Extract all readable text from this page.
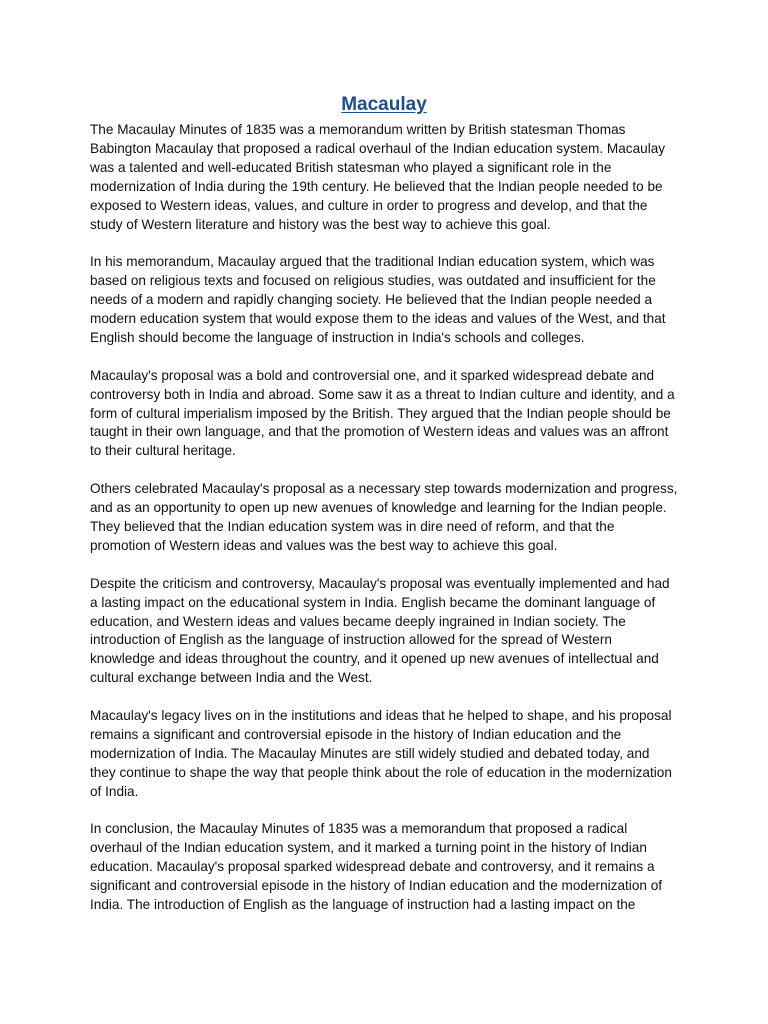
Macaulay

The Macaulay Minutes of 1835 was a memorandum written by British statesman Thomas Babington Macaulay that proposed a radical overhaul of the Indian education system. Macaulay was a talented and well-educated British statesman who played a significant role in the modernization of India during the 19th century. He believed that the Indian people needed to be exposed to Western ideas, values, and culture in order to progress and develop, and that the study of Western literature and history was the best way to achieve this goal.

In his memorandum, Macaulay argued that the traditional Indian education system, which was based on religious texts and focused on religious studies, was outdated and insufficient for the needs of a modern and rapidly changing society. He believed that the Indian people needed a modern education system that would expose them to the ideas and values of the West, and that English should become the language of instruction in India's schools and colleges.

Macaulay's proposal was a bold and controversial one, and it sparked widespread debate and controversy both in India and abroad. Some saw it as a threat to Indian culture and identity, and a form of cultural imperialism imposed by the British. They argued that the Indian people should be taught in their own language, and that the promotion of Western ideas and values was an affront to their cultural heritage.

Others celebrated Macaulay's proposal as a necessary step towards modernization and progress, and as an opportunity to open up new avenues of knowledge and learning for the Indian people. They believed that the Indian education system was in dire need of reform, and that the promotion of Western ideas and values was the best way to achieve this goal.

Despite the criticism and controversy, Macaulay's proposal was eventually implemented and had a lasting impact on the educational system in India. English became the dominant language of education, and Western ideas and values became deeply ingrained in Indian society. The introduction of English as the language of instruction allowed for the spread of Western knowledge and ideas throughout the country, and it opened up new avenues of intellectual and cultural exchange between India and the West.

Macaulay's legacy lives on in the institutions and ideas that he helped to shape, and his proposal remains a significant and controversial episode in the history of Indian education and the modernization of India. The Macaulay Minutes are still widely studied and debated today, and they continue to shape the way that people think about the role of education in the modernization of India.

In conclusion, the Macaulay Minutes of 1835 was a memorandum that proposed a radical overhaul of the Indian education system, and it marked a turning point in the history of Indian education. Macaulay's proposal sparked widespread debate and controversy, and it remains a significant and controversial episode in the history of Indian education and the modernization of India. The introduction of English as the language of instruction had a lasting impact on the
